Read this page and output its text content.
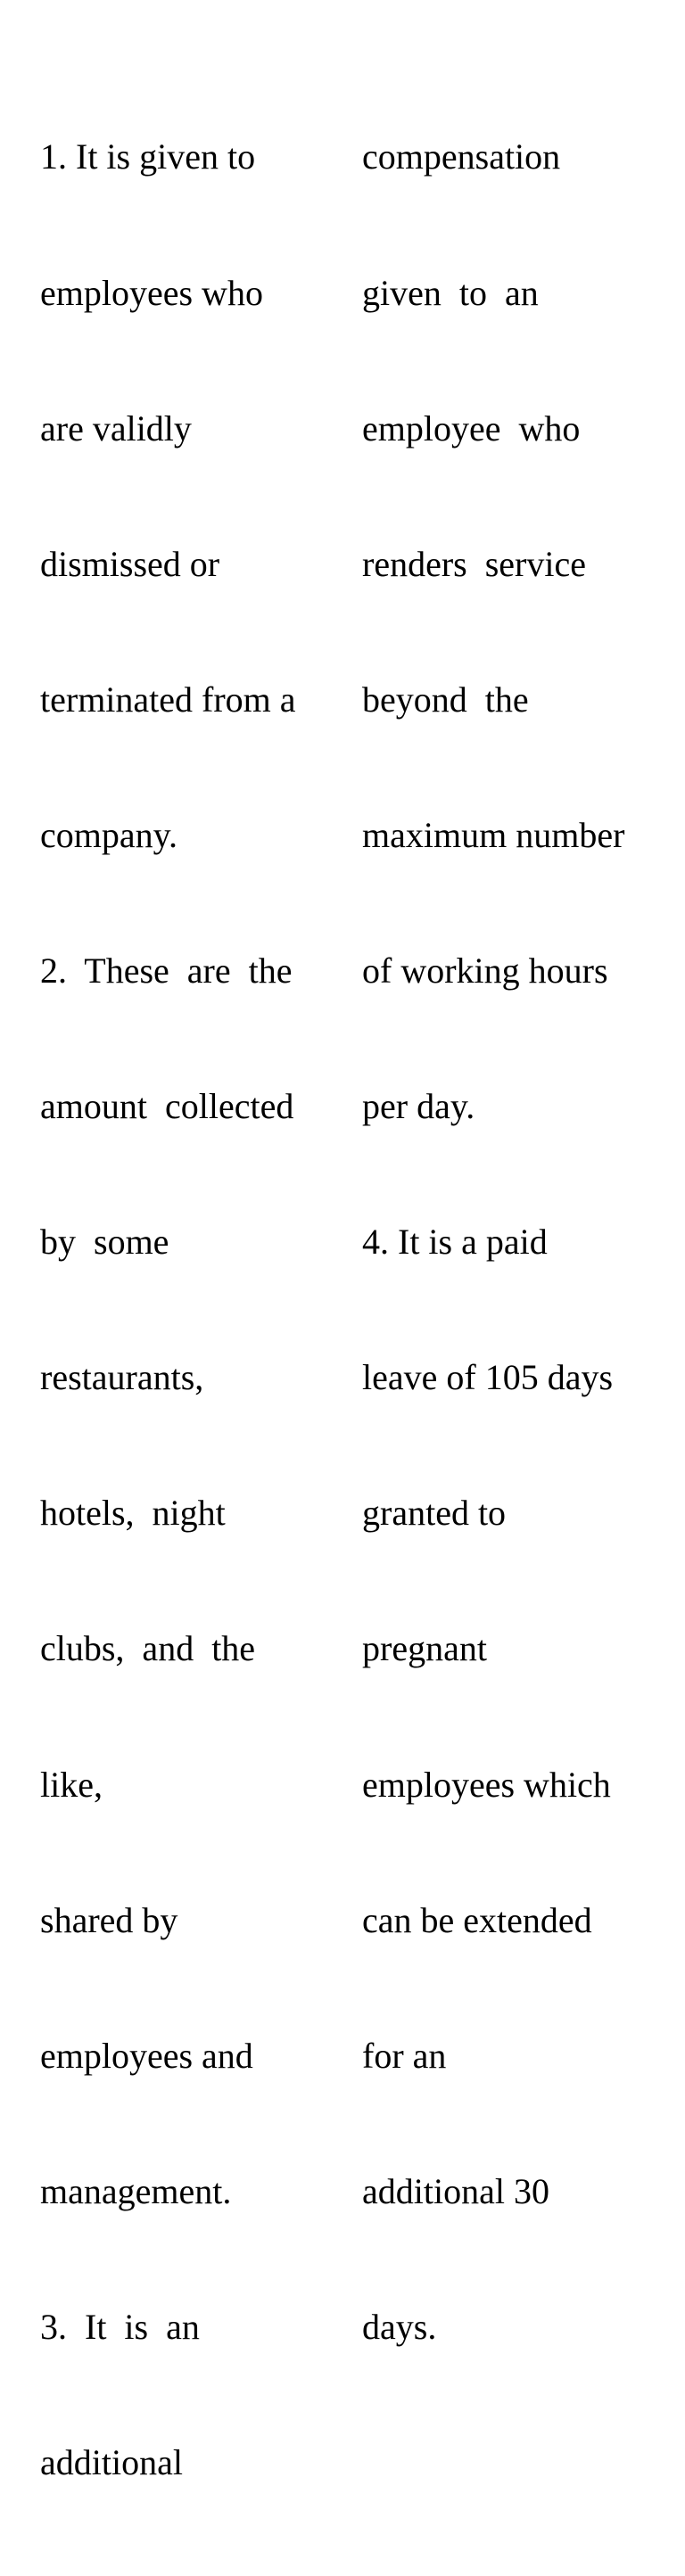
1. It is given to

employees who

are validly

dismissed or

terminated from a

company.

2.  These  are  the

amount  collected

by  some

restaurants,

hotels,  night

clubs,  and  the

like,

shared by

employees and

management.

3.  It  is  an

additional

compensation

given  to  an

employee  who

renders  service

beyond  the

maximum number

of working hours

per day.

4. It is a paid

leave of 105 days

granted to

pregnant

employees which

can be extended

for an

additional 30

days.
